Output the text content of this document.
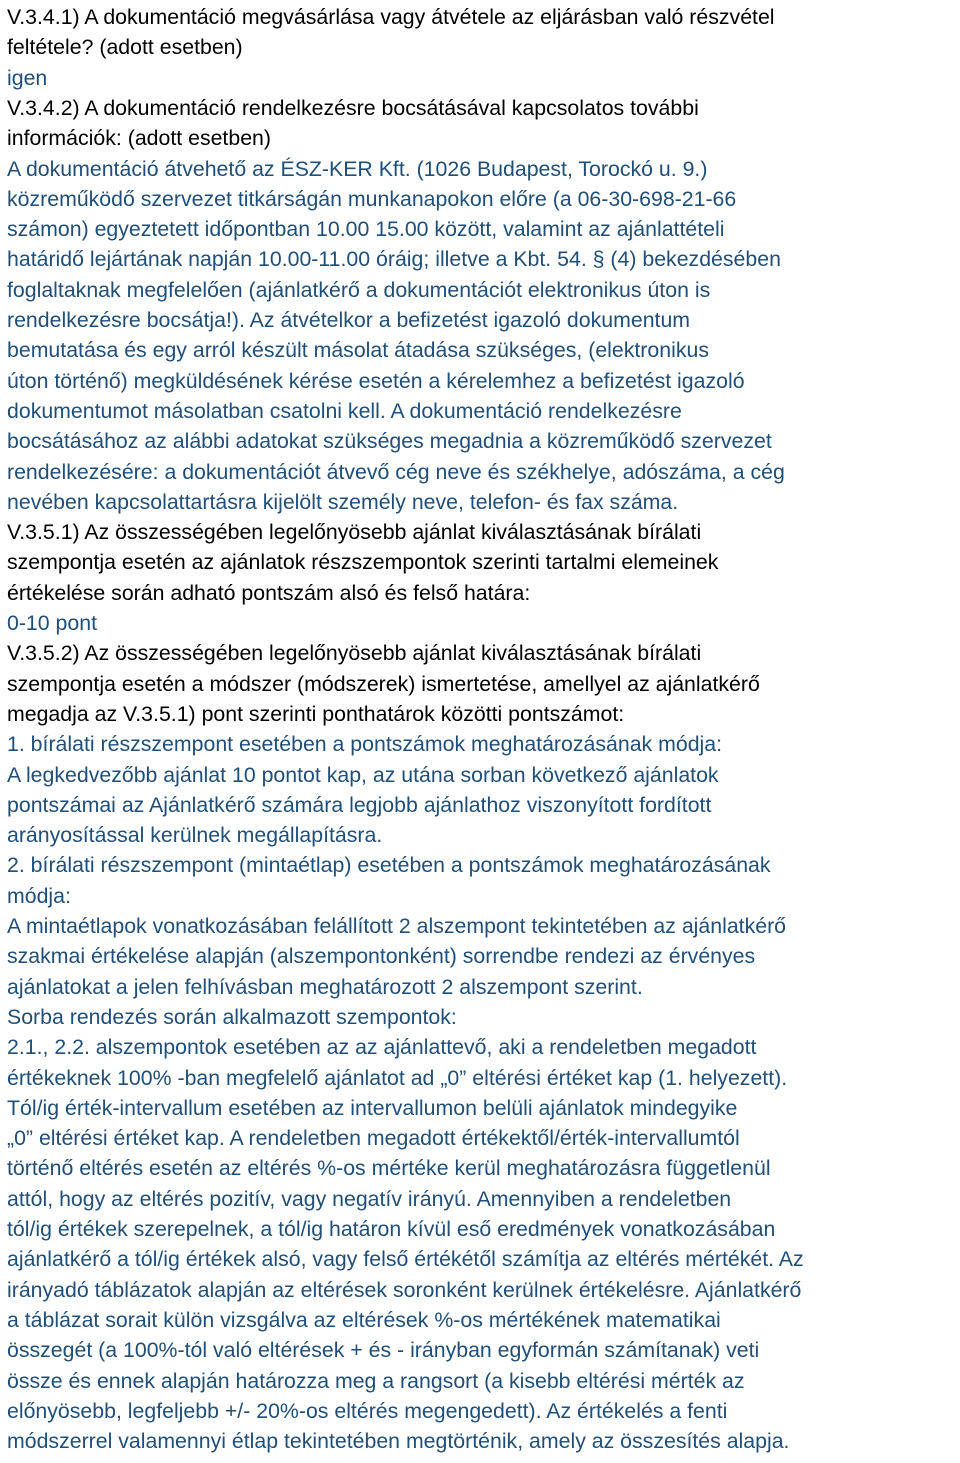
V.3.4.1) A dokumentáció megvásárlása vagy átvétele az eljárásban való részvétel
feltétele? (adott esetben)
igen
V.3.4.2) A dokumentáció rendelkezésre bocsátásával kapcsolatos további
információk: (adott esetben)
A dokumentáció átvehető az ÉSZ-KER Kft. (1026 Budapest, Torockó u. 9.)
közreműködő szervezet titkárságán munkanapokon előre (a 06-30-698-21-66
számon) egyeztetett időpontban 10.00 15.00 között, valamint az ajánlattételi
határidő lejártának napján 10.00-11.00 óráig; illetve a Kbt. 54. § (4) bekezdésében
foglaltaknak megfelelően (ajánlatkérő a dokumentációt elektronikus úton is
rendelkezésre bocsátja!). Az átvételkor a befizetést igazoló dokumentum
bemutatása és egy arról készült másolat átadása szükséges, (elektronikus
úton történő) megküldésének kérése esetén a kérelemhez a befizetést igazoló
dokumentumot másolatban csatolni kell. A dokumentáció rendelkezésre
bocsátásához az alábbi adatokat szükséges megadnia a közreműködő szervezet
rendelkezésére: a dokumentációt átvevő cég neve és székhelye, adószáma, a cég
nevében kapcsolattartásra kijelölt személy neve, telefon- és fax száma.
V.3.5.1) Az összességében legelőnyösebb ajánlat kiválasztásának bírálati
szempontja esetén az ajánlatok részszempontok szerinti tartalmi elemeinek
értékelése során adható pontszám alsó és felső határa:
0-10 pont
V.3.5.2) Az összességében legelőnyösebb ajánlat kiválasztásának bírálati
szempontja esetén a módszer (módszerek) ismertetése, amellyel az ajánlatkérő
megadja az V.3.5.1) pont szerinti ponthatárok közötti pontszámot:
1. bírálati részszempont esetében a pontszámok meghatározásának módja:
A legkedvezőbb ajánlat 10 pontot kap, az utána sorban következő ajánlatok
pontszámai az Ajánlatkérő számára legjobb ajánlathoz viszonyított fordított
arányosítással kerülnek megállapításra.
2. bírálati részszempont (mintaétlap) esetében a pontszámok meghatározásának
módja:
A mintaétlapok vonatkozásában felállított 2 alszempont tekintetében az ajánlatkérő
szakmai értékelése alapján (alszempontonként) sorrendbe rendezi az érvényes
ajánlatokat a jelen felhívásban meghatározott 2 alszempont szerint.
Sorba rendezés során alkalmazott szempontok:
2.1., 2.2. alszempontok esetében az az ajánlattevő, aki a rendeletben megadott
értékeknek 100% -ban megfelelő ajánlatot ad „0” eltérési értéket kap (1. helyezett).
Tól/ig érték-intervallum esetében az intervallumon belüli ajánlatok mindegyike
„0” eltérési értéket kap. A rendeletben megadott értékektől/érték-intervallumtól
történő eltérés esetén az eltérés %-os mértéke kerül meghatározásra függetlenül
attól, hogy az eltérés pozitív, vagy negatív irányú. Amennyiben a rendeletben
tól/ig értékek szerepelnek, a tól/ig határon kívül eső eredmények vonatkozásában
ajánlatkérő a tól/ig értékek alsó, vagy felső értékétől számítja az eltérés mértékét. Az
irányadó táblázatok alapján az eltérések soronként kerülnek értékelésre. Ajánlatkérő
a táblázat sorait külön vizsgálva az eltérések %-os mértékének matematikai
összegét (a 100%-tól való eltérések + és - irányban egyformán számítanak) veti
össze és ennek alapján határozza meg a rangsort (a kisebb eltérési mérték az
előnyösebb, legfeljebb +/- 20%-os eltérés megengedett). Az értékelés a fenti
módszerrel valamennyi étlap tekintetében megtörténik, amely az összesítés alapja.
